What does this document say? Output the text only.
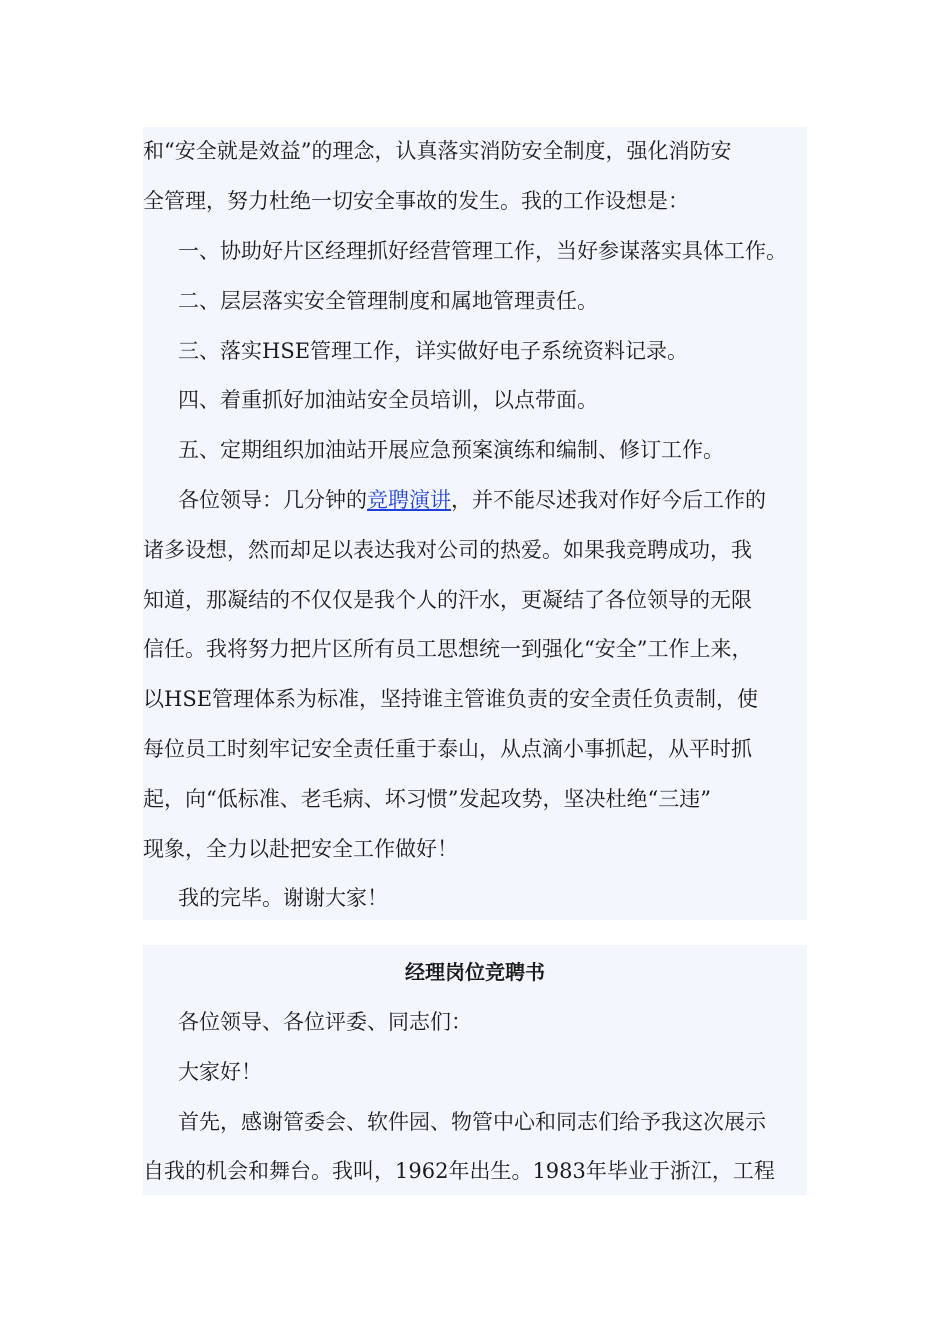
和“安全就是效益”的理念，认真落实消防安全制度，强化消防安
全管理，努力杜绝一切安全事故的发生。我的工作设想是：
一、协助好片区经理抓好经营管理工作，当好参谋落实具体工作。
二、层层落实安全管理制度和属地管理责任。
三、落实HSE管理工作，详实做好电子系统资料记录。
四、着重抓好加油站安全员培训，以点带面。
五、定期组织加油站开展应急预案演练和编制、修订工作。
各位领导：几分钟的竞聘演讲，并不能尽述我对作好今后工作的
诸多设想，然而却足以表达我对公司的热爱。如果我竞聘成功，我
知道，那凝结的不仅仅是我个人的汗水，更凝结了各位领导的无限
信任。我将努力把片区所有员工思想统一到强化“安全”工作上来，
以HSE管理体系为标准，坚持谁主管谁负责的安全责任负责制，使
每位员工时刻牢记安全责任重于泰山，从点滴小事抓起，从平时抓
起，向“低标准、老毛病、坏习惯”发起攻势，坚决杜绝“三违”
现象，全力以赴把安全工作做好！
我的完毕。谢谢大家！
经理岗位竞聘书
各位领导、各位评委、同志们：
大家好！
首先，感谢管委会、软件园、物管中心和同志们给予我这次展示
自我的机会和舞台。我叫，1962年出生。1983年毕业于浙江，工程
